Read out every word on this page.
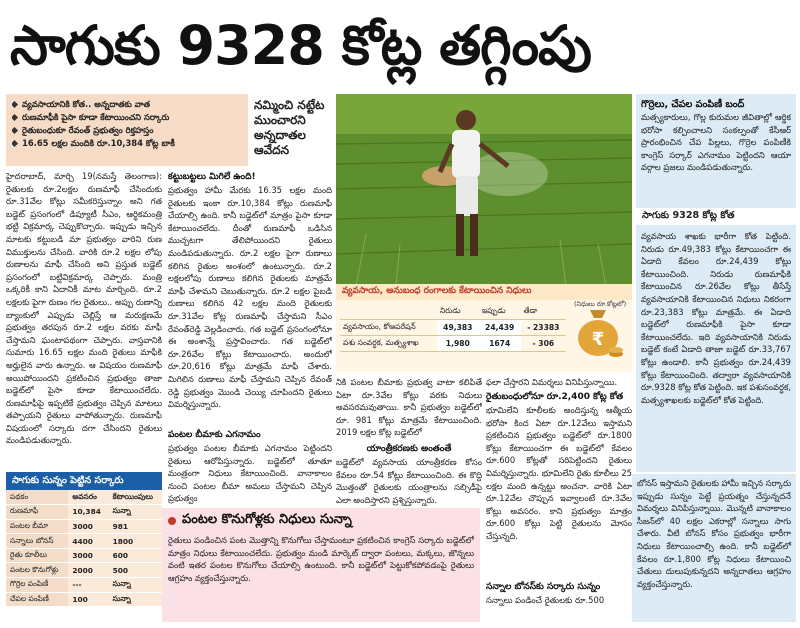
సాగుకు 9328 కోట్ల తగ్గింపు
వ్యవసాయానికి కోత.. అన్నదాతకు వాత
రుణమాఫీకి పైసా కూడా కేటాయించని సర్కారు
రైతుబంధుకూ రేవంత్ ప్రభుత్వం రిక్తహస్తం
16.65 లక్షల మందికి రూ.10,384 కోట్ల బాకీ
నమ్మించి నట్టేట ముంచారని అన్నదాతల ఆవేదన
వ్యవసాయ, అనుబంధ రంగాలకు కేటాయించిన నిధులు
	నిరుడు	ఇప్పుడు	తేడా
వ్యవసాయం, కోఆపరేషన్	49,383	24,439	- 23383
పశు సంవర్ధక, మత్స్యశాఖ	1,980	1674	- 306
(నిధులు రూ.కోట్లలో)
₹
గొర్రెలు, చేపల పంపిణీ బంద్
మత్స్యకారులు, గొల్ల కురుమల జీవితాల్లో ఆర్థిక భరోసా కల్పించాలని సంకల్పంతో కేసీఆర్ ప్రారంభించిన చేప పిల్లలు, గొర్రెల పంపిణీకి కాంగ్రెస్ సర్కార్ ఎగనామం పెట్టిందని ఆయా వర్గాల ప్రజలు మండిపడుతున్నారు.
సాగుకు 9328 కోట్ల కోత
వ్యవసాయ శాఖకు భారీగా కోత పెట్టింది. నిరుడు రూ.49,383 కోట్లు కేటాయించగా ఈ ఏడాది కేవలం రూ.24,439 కోట్లు కేటాయించింది. నిరుడు రుణమాఫీకి కేటాయించిన రూ.26వేల కోట్లు తీసేస్తే వ్యవసాయానికి కేటాయించిన నిధులు నికరంగా రూ.23,383 కోట్లు మాత్రమే. ఈ ఏడాది బడ్జెట్‌లో రుణమాఫీకి పైసా కూడా కేటాయించలేదు. ఇది వ్యవసాయానికి నిరుడు బడ్జెట్ కంటే ఏడాది తాజా బడ్జెట్ రూ.33,767 కోట్లు ఉండాలి. కానీ ప్రభుత్వం రూ.24,439 కోట్లు కేటాయించింది. తద్వారా వ్యవసాయానికి రూ.9328 కోట్ల కోత పెట్టింది. ఇక పశుసంవర్ధక, మత్స్యశాఖలకు బడ్జెట్‌లో కోత పెట్టింది.
హైదరాబాద్, మార్చి 19(నమస్తే తెలంగాణ): రైతులకు రూ.2లక్షల రుణమాఫీ చేసిందుకు రూ.31వేల కోట్లు సమీకరిస్తున్నాం అని గత బడ్జెట్ ప్రసంగంలో డిప్యూటీ సీఎం, ఆర్థికమంత్రి భట్టి విక్రమార్క చెప్పుకొచ్చారు. ఇప్పుడు ఇచ్చిన మాటకు కట్టుబడి మా ప్రభుత్వం వారిని రుణ విముక్తులను చేసింది. వారికి రూ.2 లక్షల లోపు రుణాలను మాఫీ చేసింది అని ప్రస్తుత బడ్జెట్ ప్రసంగంలో బట్టివిక్రమార్క చెప్పారు. మంత్రి ఒక్కరికీ కాని ఏదానికీ మాట మార్చింది. రూ.2 లక్షలకు పైగా రుణం గల రైతులు.. అప్పు రుణాన్ని బ్యాంకులో ఎప్పుడు చెల్లిస్తే ఆ మరుక్షణమే ప్రభుత్వం తరపున రూ.2 లక్షల వరకు మాఫీ చేస్తామని ఘంటాపథంగా చెప్పారు. వాస్తవానికి సుమారు 16.65 లక్షల మంది రైతులు మాఫీకి అర్హులైన వారు ఉన్నారు. ఆ విషయం రుణమాఫీ అయిపోయిందని ప్రకటించిన ప్రభుత్వం తాజా బడ్జెట్‌లో పైసా కూడా కేటాయించలేదు. రుణమాఫీపై ఇప్పటికే ప్రభుత్వం చెప్పిన మాటలు తప్పాయని రైతులు వాపోతున్నారు. రుణమాఫీ విషయంలో సర్కారు దగా చేసిందని రైతులు మండిపడుతున్నారు.
కట్టుబట్టలు మిగిలే ఉంది!
ప్రభుత్వం హామీ మేరకు 16.35 లక్షల మంది రైతులకు ఇంకా రూ.10,384 కోట్లు రుణమాఫీ చేయాల్సి ఉంది. కానీ బడ్జెట్‌లో మాత్రం పైసా కూడా కేటాయించలేదు. దీంతో రుణమాఫీ ఒడిసిన ముచ్చటగా తేలిపోయిందని రైతులు మండిపడుతున్నారు. రూ.2 లక్షల పైగా రుణాలు కలిగిన రైతుల అంశంలో ఉంటున్నారు. రూ.2 లక్షలలోపు రుణాలు కలిగిన రైతులకు మాత్రమే మాఫీ చేశామని చెబుతున్నారు. రూ.2 లక్షల పైబడి రుణాలు కలిగిన 42 లక్షల మంది రైతులకు రూ.31వేల కోట్ల రుణమాఫీ చేస్తామని సీఎం రేవంత్‌రెడ్డి వెల్లడించారు. గత బడ్జెట్ ప్రసంగంలోనూ ఈ అంశాన్నే ప్రస్తావించారు. గత బడ్జెట్‌లో రూ.26వేల కోట్లు కేటాయించారు. అందులో రూ.20,616 కోట్లు మాత్రమే మాఫీ చేశారు. మిగిలిన రుణాలు మాఫీ చేస్తామని చెప్పిన రేవంత్ రెడ్డి ప్రభుత్వం మొండి చెయ్యి చూపిందని రైతులు విమర్శిస్తున్నారు.
పంటల బీమాకు ఎగనామం
ప్రభుత్వం పంటల బీమాకు ఎగనామం పెట్టిందని రైతులు ఆరోపిస్తున్నారు. బడ్జెట్‌లో తూతూ మంత్రంగా నిధులు కేటాయించింది. వానాకాలం నుంచి పంటల బీమా అమలు చేస్తామని చెప్పిన ప్రభుత్వం
నికి పంటల బీమాకు ప్రభుత్వ వాటా కలిపితే ఏటా రూ.3వేల కోట్లు వరకు నిధులు అవసరమవుతాయి. కానీ ప్రభుత్వం బడ్జెట్‌లో రూ. 981 కోట్లు మాత్రమే కేటాయించింది. 2019 లక్షల కోట్ల బడ్జెట్‌లో
యాంత్రీకరణకు అంతంతే
బడ్జెట్‌లో వ్యవసాయ యాంత్రీకరణ కోసం కేవలం రూ.54 కోట్లు కేటాయించింది. ఈ కొద్ది మొత్తంతో రైతులకు యంత్రాలను సబ్సిడీపై ఎలా అందిస్తారని ప్రశ్నిస్తున్నారు.
ఫలా చేస్తారని విమర్శలు వినిపిస్తున్నాయి.
రైతుబంధులోనూ రూ.2,400 కోట్ల కోత
భూమిలేని కూలీలకు అందిస్తున్న ఆత్మీయ భరోసా కింద ఏటా రూ.12వేలు ఇస్తామని ప్రకటించిన ప్రభుత్వం బడ్జెట్‌లో రూ.1800 కోట్లు కేటాయించగా ఈ బడ్జెట్‌లో కేవలం రూ.600 కోట్లతో సరిపెట్టిందని రైతులు విమర్శిస్తున్నారు. భూమిలేని రైతు కూలీలు 25 లక్షల మంది ఉన్నట్టు అంచనా. వారికి ఏటా రూ.12వేల చొప్పున ఇవ్వాలంటే రూ.3వేల కోట్లు అవసరం. కాని ప్రభుత్వం మాత్రం రూ.600 కోట్లు పెట్టి రైతులను మోసం చేస్తున్నది.
సన్నాల బోనస్‌కు సర్కారు సున్నం
సన్నాలు పండించే రైతులకు రూ.500
బోనస్ ఇస్తామని రైతులకు హామీ ఇచ్చిన సర్కారు ఇప్పుడు సున్నం పెట్టే ప్రయత్నం చేస్తున్నదనే విమర్శలు వినిపిస్తున్నాయి. మొన్నటి వానాకాలం సీజన్‌లో 40 లక్షల ఎకరాల్లో సన్నాలు సాగు చేశారు. వీటి బోనస్ కోసం ప్రభుత్వం భారీగా నిధులు కేటాయించాల్సి ఉంది. కానీ బడ్జెట్‌లో కేవలం రూ.1,800 కోట్ల నిధులు కేటాయించి చేతులు దులుపుకున్నదని అన్నదాతలు ఆగ్రహం వ్యక్తంచేస్తున్నారు.
సాగుకు సున్నం పెట్టిన సర్కారు
పథకం	అవసరం	కేటాయింపులు
రుణమాఫీ	10,384	సున్నా
పంటల బీమా	3000	981
సన్నాలు బోనస్	4400	1800
రైతు కూలీలు	3000	600
పంటల కొనుగోళ్లు	2000	500
గొర్రెల పంపిణీ	---	సున్నా
చేపల పంపిణీ	100	సున్నా
పంటల కొనుగోళ్లకు నిధులు సున్నా
రైతులు పండించిన పంట మొత్తాన్ని కొనుగోలు చేస్తామంటూ ప్రకటించిన కాంగ్రెస్ సర్కారు బడ్జెట్‌లో మాత్రం నిధులు కేటాయించలేదు. ప్రభుత్వం మండి మార్కెట్ ద్వారా పంటలు, మక్కలు, జొన్నలు వంటి ఇతర పంటల కొనుగోలు చేయాల్సి ఉంటుంది. కానీ బడ్జెట్‌లో పెట్టుకోకపోవడంపై రైతులు ఆగ్రహం వ్యక్తంచేస్తున్నారు.
